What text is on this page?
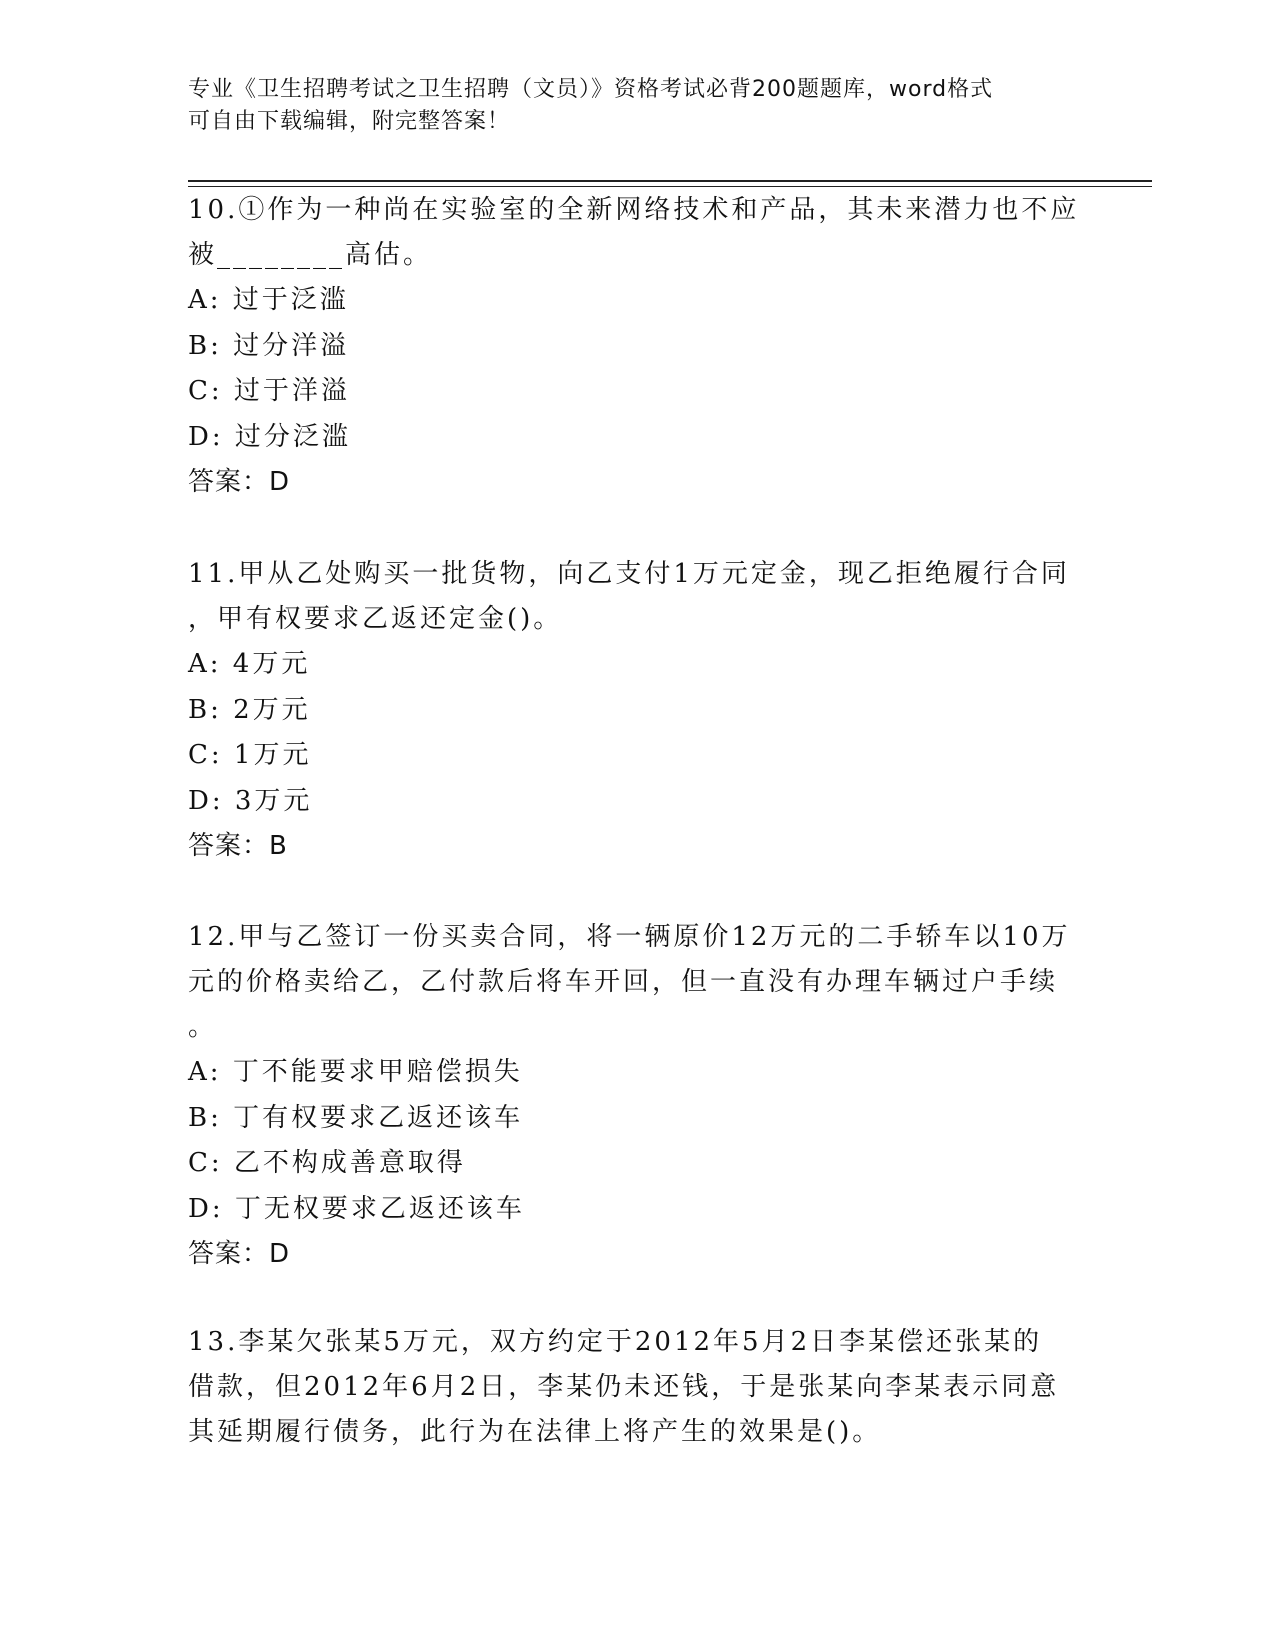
专业《卫生招聘考试之卫生招聘（文员）》资格考试必背200题题库，word格式
可自由下载编辑，附完整答案！
10.①作为一种尚在实验室的全新网络技术和产品，其未来潜力也不应
被________高估。
A: 过于泛滥
B: 过分洋溢
C: 过于洋溢
D: 过分泛滥
答案：D
11.甲从乙处购买一批货物，向乙支付1万元定金，现乙拒绝履行合同
，甲有权要求乙返还定金()。
A: 4万元
B: 2万元
C: 1万元
D: 3万元
答案：B
12.甲与乙签订一份买卖合同，将一辆原价12万元的二手轿车以10万
元的价格卖给乙，乙付款后将车开回，但一直没有办理车辆过户手续
。
A: 丁不能要求甲赔偿损失
B: 丁有权要求乙返还该车
C: 乙不构成善意取得
D: 丁无权要求乙返还该车
答案：D
13.李某欠张某5万元，双方约定于2012年5月2日李某偿还张某的
借款，但2012年6月2日，李某仍未还钱，于是张某向李某表示同意
其延期履行债务，此行为在法律上将产生的效果是()。
